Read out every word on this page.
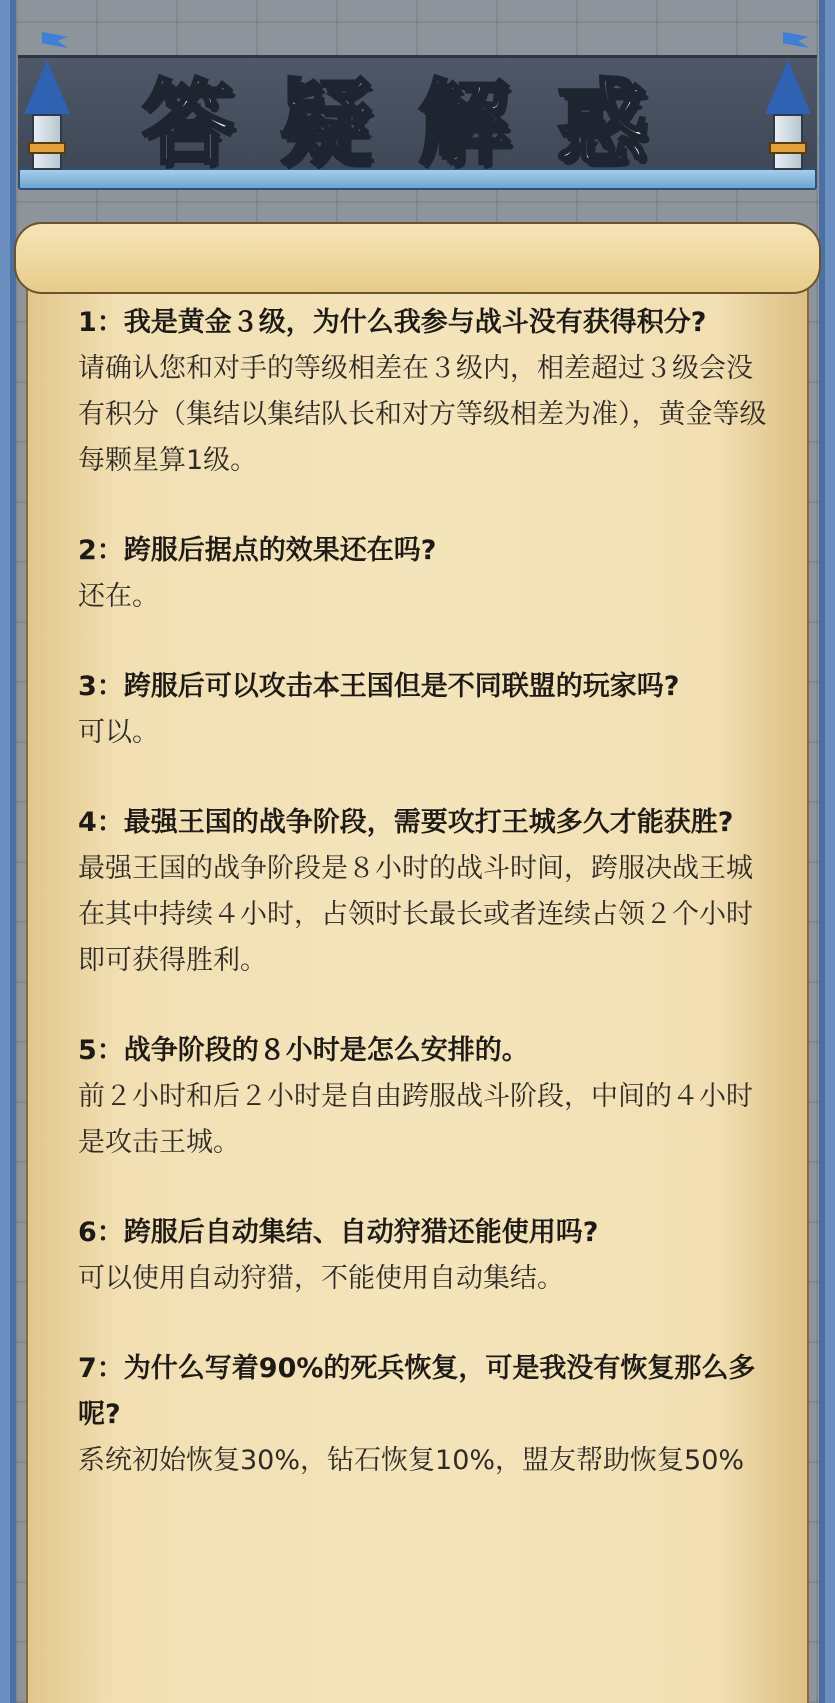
答疑解惑
1：我是黄金３级，为什么我参与战斗没有获得积分?
请确认您和对手的等级相差在３级内，相差超过３级会没有积分（集结以集结队长和对方等级相差为准），黄金等级每颗星算1级。
2：跨服后据点的效果还在吗?
还在。
3：跨服后可以攻击本王国但是不同联盟的玩家吗?
可以。
4：最强王国的战争阶段，需要攻打王城多久才能获胜?
最强王国的战争阶段是８小时的战斗时间，跨服决战王城在其中持续４小时，占领时长最长或者连续占领２个小时即可获得胜利。
5：战争阶段的８小时是怎么安排的。
前２小时和后２小时是自由跨服战斗阶段，中间的４小时是攻击王城。
6：跨服后自动集结、自动狩猎还能使用吗?
可以使用自动狩猎，不能使用自动集结。
7：为什么写着90%的死兵恢复，可是我没有恢复那么多呢?
系统初始恢复30%，钻石恢复10%，盟友帮助恢复50%
